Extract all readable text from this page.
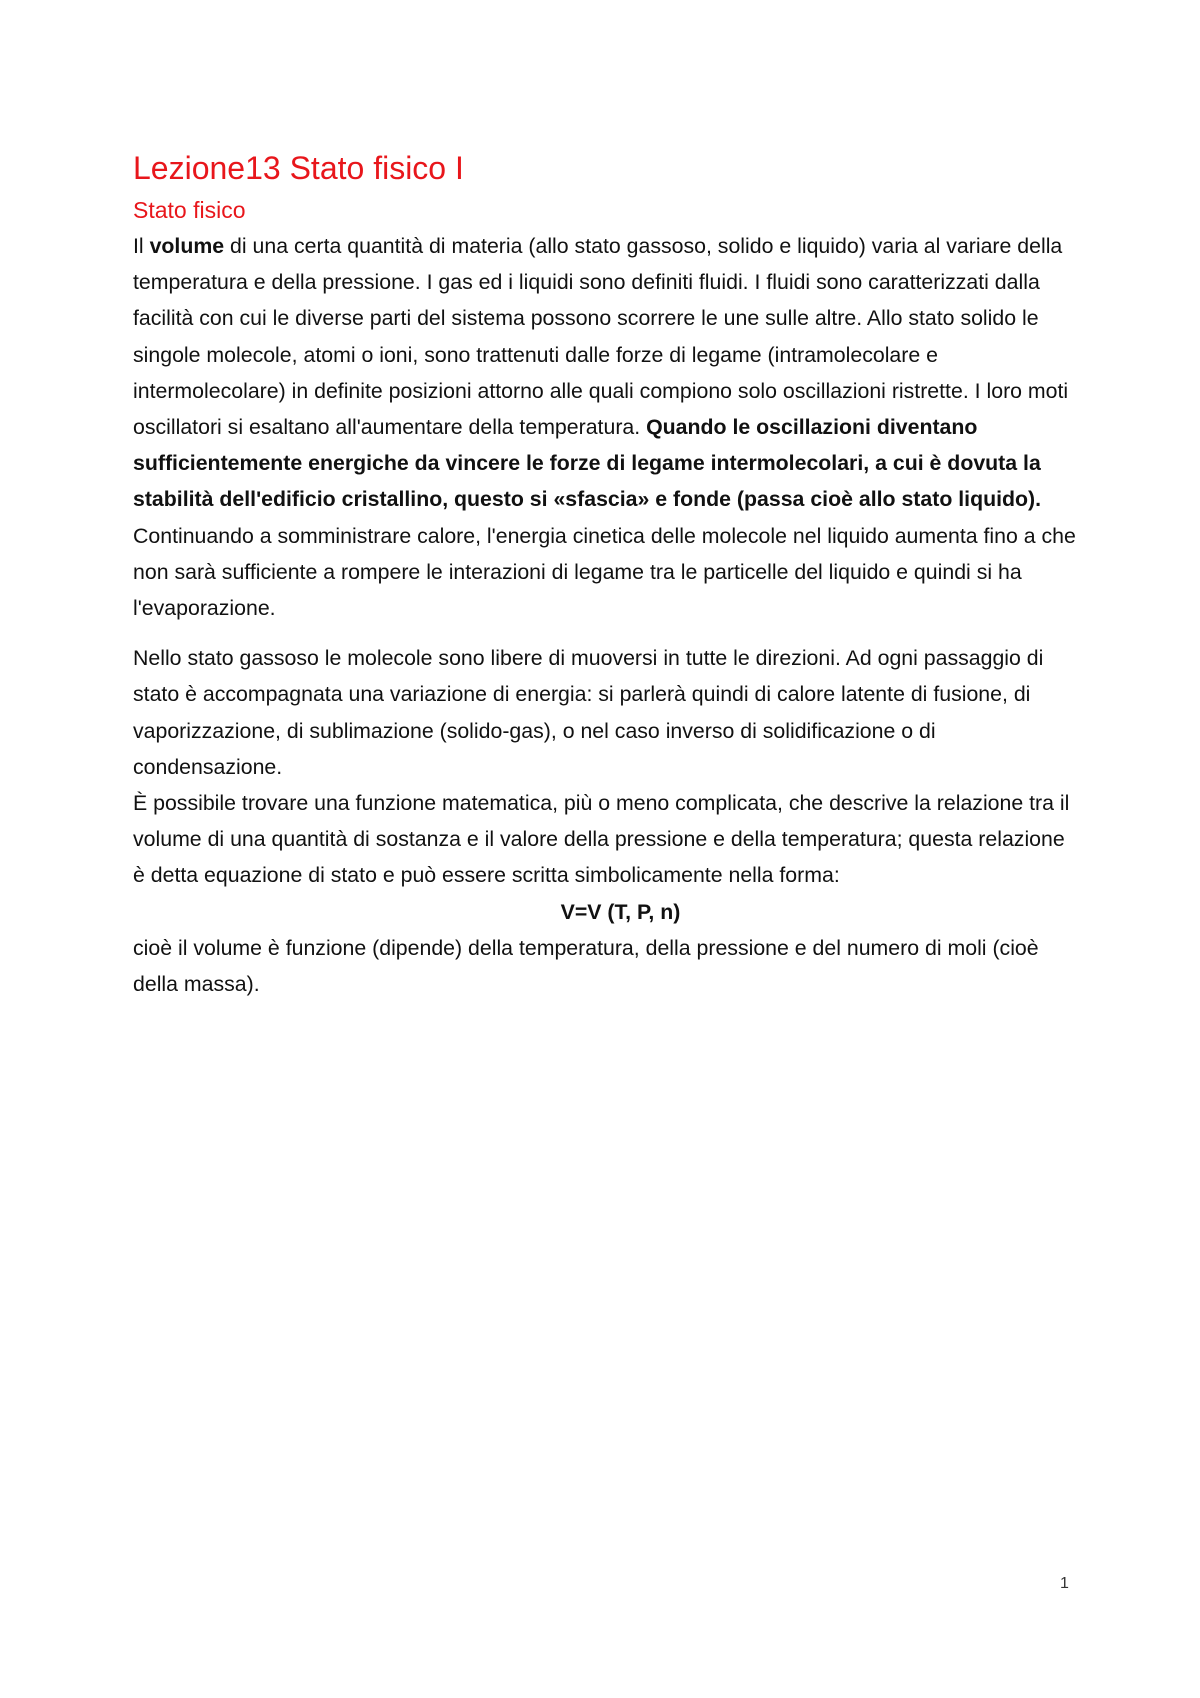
Lezione13 Stato fisico I
Stato fisico

Il volume di una certa quantità di materia (allo stato gassoso, solido e liquido) varia al variare della temperatura e della pressione. I gas ed i liquidi sono definiti fluidi. I fluidi sono caratterizzati dalla facilità con cui le diverse parti del sistema possono scorrere le une sulle altre. Allo stato solido le singole molecole, atomi o ioni, sono trattenuti dalle forze di legame (intramolecolare e intermolecolare) in definite posizioni attorno alle quali compiono solo oscillazioni ristrette. I loro moti oscillatori si esaltano all'aumentare della temperatura. Quando le oscillazioni diventano sufficientemente energiche da vincere le forze di legame intermolecolari, a cui è dovuta la stabilità dell'edificio cristallino, questo si «sfascia» e fonde (passa cioè allo stato liquido). Continuando a somministrare calore, l'energia cinetica delle molecole nel liquido aumenta fino a che non sarà sufficiente a rompere le interazioni di legame tra le particelle del liquido e quindi si ha l'evaporazione.

Nello stato gassoso le molecole sono libere di muoversi in tutte le direzioni. Ad ogni passaggio di stato è accompagnata una variazione di energia: si parlerà quindi di calore latente di fusione, di vaporizzazione, di sublimazione (solido-gas), o nel caso inverso di solidificazione o di condensazione.

È possibile trovare una funzione matematica, più o meno complicata, che descrive la relazione tra il volume di una quantità di sostanza e il valore della pressione e della temperatura; questa relazione è detta equazione di stato e può essere scritta simbolicamente nella forma:

V=V (T, P, n)

cioè il volume è funzione (dipende) della temperatura, della pressione e del numero di moli (cioè della massa).

1
